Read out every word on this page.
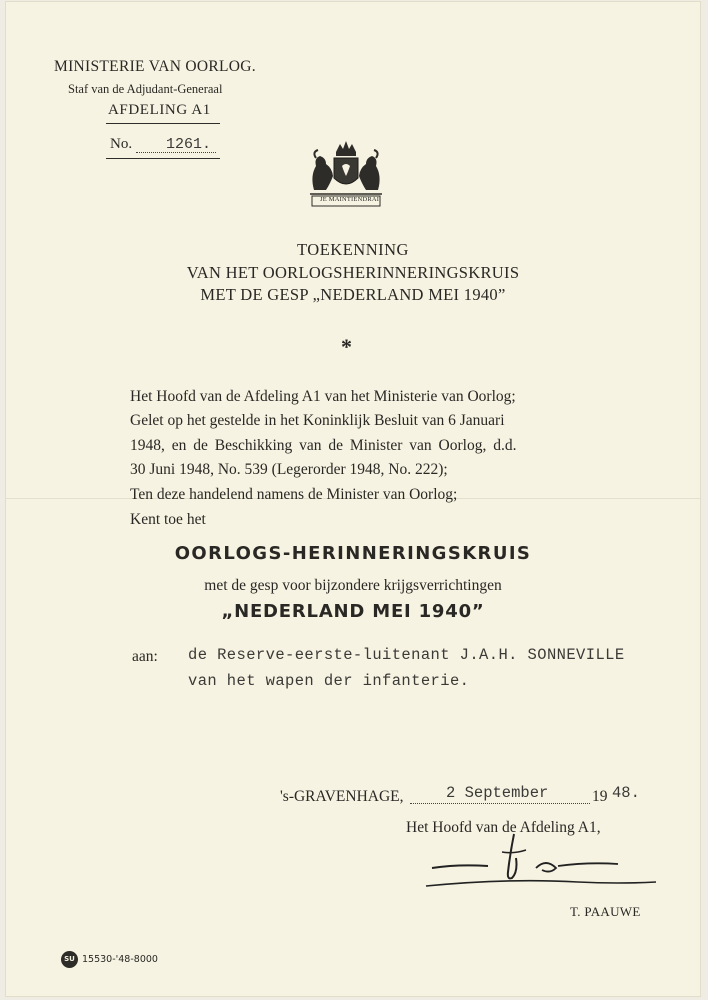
MINISTERIE VAN OORLOG.
Staf van de Adjudant-Generaal
AFDELING A1
No. 1261.
JE MAINTIENDRAI
TOEKENNING
VAN HET OORLOGSHERINNERINGSKRUIS
MET DE GESP „NEDERLAND MEI 1940”
*
Het Hoofd van de Afdeling A1 van het Ministerie van Oorlog;
Gelet op het gestelde in het Koninklijk Besluit van 6 Januari
1948, en de Beschikking van de Minister van Oorlog, d.d.
30 Juni 1948, No. 539 (Legerorder 1948, No. 222);
Ten deze handelend namens de Minister van Oorlog;
Kent toe het
OORLOGS-HERINNERINGSKRUIS
met de gesp voor bijzondere krijgsverrichtingen
„NEDERLAND MEI 1940”
aan: de Reserve-eerste-luitenant J.A.H. SONNEVILLE
van het wapen der infanterie.
's-GRAVENHAGE,	2 September	19 48.
Het Hoofd van de Afdeling A1,
T. PAAUWE
SU 15530-'48-8000
